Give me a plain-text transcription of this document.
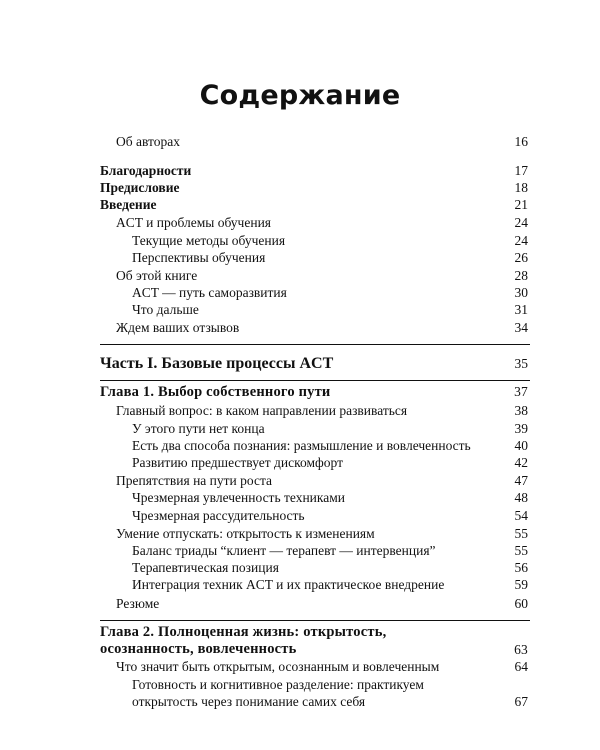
Содержание
Об авторах	16
Благодарности	17
Предисловие	18
Введение	21
ACT и проблемы обучения	24
Текущие методы обучения	24
Перспективы обучения	26
Об этой книге	28
ACT — путь саморазвития	30
Что дальше	31
Ждем ваших отзывов	34
Часть I. Базовые процессы ACT	35
Глава 1. Выбор собственного пути	37
Главный вопрос: в каком направлении развиваться	38
У этого пути нет конца	39
Есть два способа познания: размышление и вовлеченность	40
Развитию предшествует дискомфорт	42
Препятствия на пути роста	47
Чрезмерная увлеченность техниками	48
Чрезмерная рассудительность	54
Умение отпускать: открытость к изменениям	55
Баланс триады “клиент — терапевт — интервенция”	55
Терапевтическая позиция	56
Интеграция техник ACT и их практическое внедрение	59
Резюме	60
Глава 2. Полноценная жизнь: открытость, осознанность, вовлеченность	63
Что значит быть открытым, осознанным и вовлеченным	64
Готовность и когнитивное разделение: практикуем открытость через понимание самих себя	67
